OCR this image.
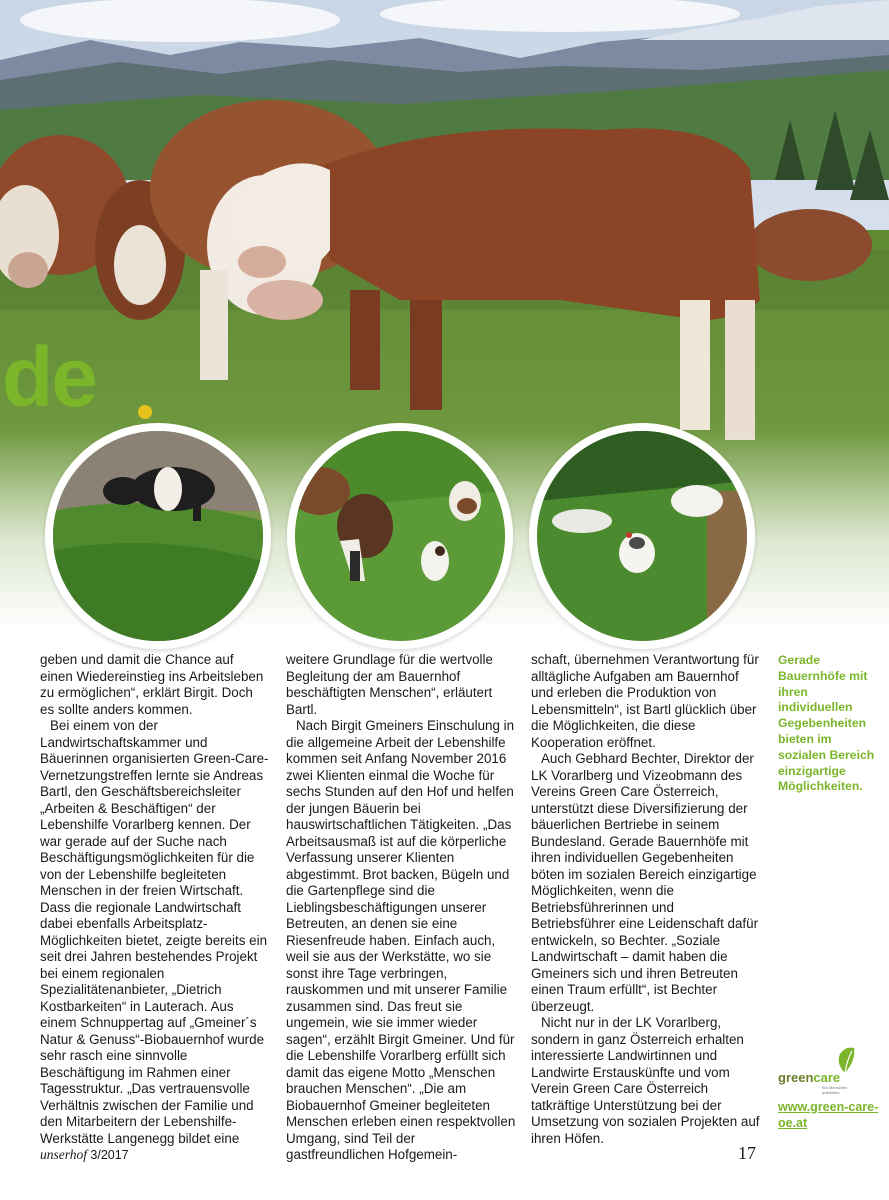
de

geben und damit die Chance auf einen Wiedereinstieg ins Arbeitsleben zu ermöglichen“, erklärt Birgit. Doch es sollte anders kommen.

Bei einem von der Landwirtschaftskammer und Bäuerinnen organisierten Green-Care-Vernetzungstreffen lernte sie Andreas Bartl, den Geschäftsbereichsleiter „Arbeiten & Beschäftigen“ der Lebenshilfe Vorarlberg kennen. Der war gerade auf der Suche nach Beschäftigungsmöglichkeiten für die von der Lebenshilfe begleiteten Menschen in der freien Wirtschaft. Dass die regionale Landwirtschaft dabei ebenfalls Arbeitsplatz-Möglichkeiten bietet, zeigte bereits ein seit drei Jahren bestehendes Projekt bei einem regionalen Spezialitätenanbieter, „Dietrich Kostbarkeiten“ in Lauterach. Aus einem Schnuppertag auf „Gmeiner´s Natur & Genuss“-Biobauernhof wurde sehr rasch eine sinnvolle Beschäftigung im Rahmen einer Tagesstruktur. „Das vertrauensvolle Verhältnis zwischen der Familie und den Mitarbeitern der Lebenshilfe-Werkstätte Langenegg bildet eine

weitere Grundlage für die wertvolle Begleitung der am Bauernhof beschäftigten Menschen“, erläutert Bartl.

Nach Birgit Gmeiners Einschulung in die allgemeine Arbeit der Lebenshilfe kommen seit Anfang November 2016 zwei Klienten einmal die Woche für sechs Stunden auf den Hof und helfen der jungen Bäuerin bei hauswirtschaftlichen Tätigkeiten. „Das Arbeitsausmaß ist auf die körperliche Verfassung unserer Klienten abgestimmt. Brot backen, Bügeln und die Gartenpflege sind die Lieblingsbeschäftigungen unserer Betreuten, an denen sie eine Riesenfreude haben. Einfach auch, weil sie aus der Werkstätte, wo sie sonst ihre Tage verbringen, rauskommen und mit unserer Familie zusammen sind. Das freut sie ungemein, wie sie immer wieder sagen“, erzählt Birgit Gmeiner. Und für die Lebenshilfe Vorarlberg erfüllt sich damit das eigene Motto „Menschen brauchen Menschen“. „Die am Biobauernhof Gmeiner begleiteten Menschen erleben einen respektvollen Umgang, sind Teil der gastfreundlichen Hofgemein-

schaft, übernehmen Verantwortung für alltägliche Aufgaben am Bauernhof und erleben die Produktion von Lebensmitteln“, ist Bartl glücklich über die Möglichkeiten, die diese Kooperation eröffnet.

Auch Gebhard Bechter, Direktor der LK Vorarlberg und Vizeobmann des Vereins Green Care Österreich, unterstützt diese Diversifizierung der bäuerlichen Bertriebe in seinem Bundesland. Gerade Bauernhöfe mit ihren individuellen Gegebenheiten böten im sozialen Bereich einzigartige Möglichkeiten, wenn die Betriebsführerinnen und Betriebsführer eine Leidenschaft dafür entwickeln, so Bechter. „Soziale Landwirtschaft – damit haben die Gmeiners sich und ihren Betreuten einen Traum erfüllt“, ist Bechter überzeugt.

Nicht nur in der LK Vorarlberg, sondern in ganz Österreich erhalten interessierte Landwirtinnen und Landwirte Erstauskünfte und vom Verein Green Care Österreich tatkräftige Unterstützung bei der Umsetzung von sozialen Projekten auf ihren Höfen.

Gerade Bauernhöfe mit ihren individuellen Gegebenheiten bieten im sozialen Bereich einzigartige Möglichkeiten.
greencare
Wo Menschen aufblühen
www.green-care-oe.at
unserhof 3/2017	17
